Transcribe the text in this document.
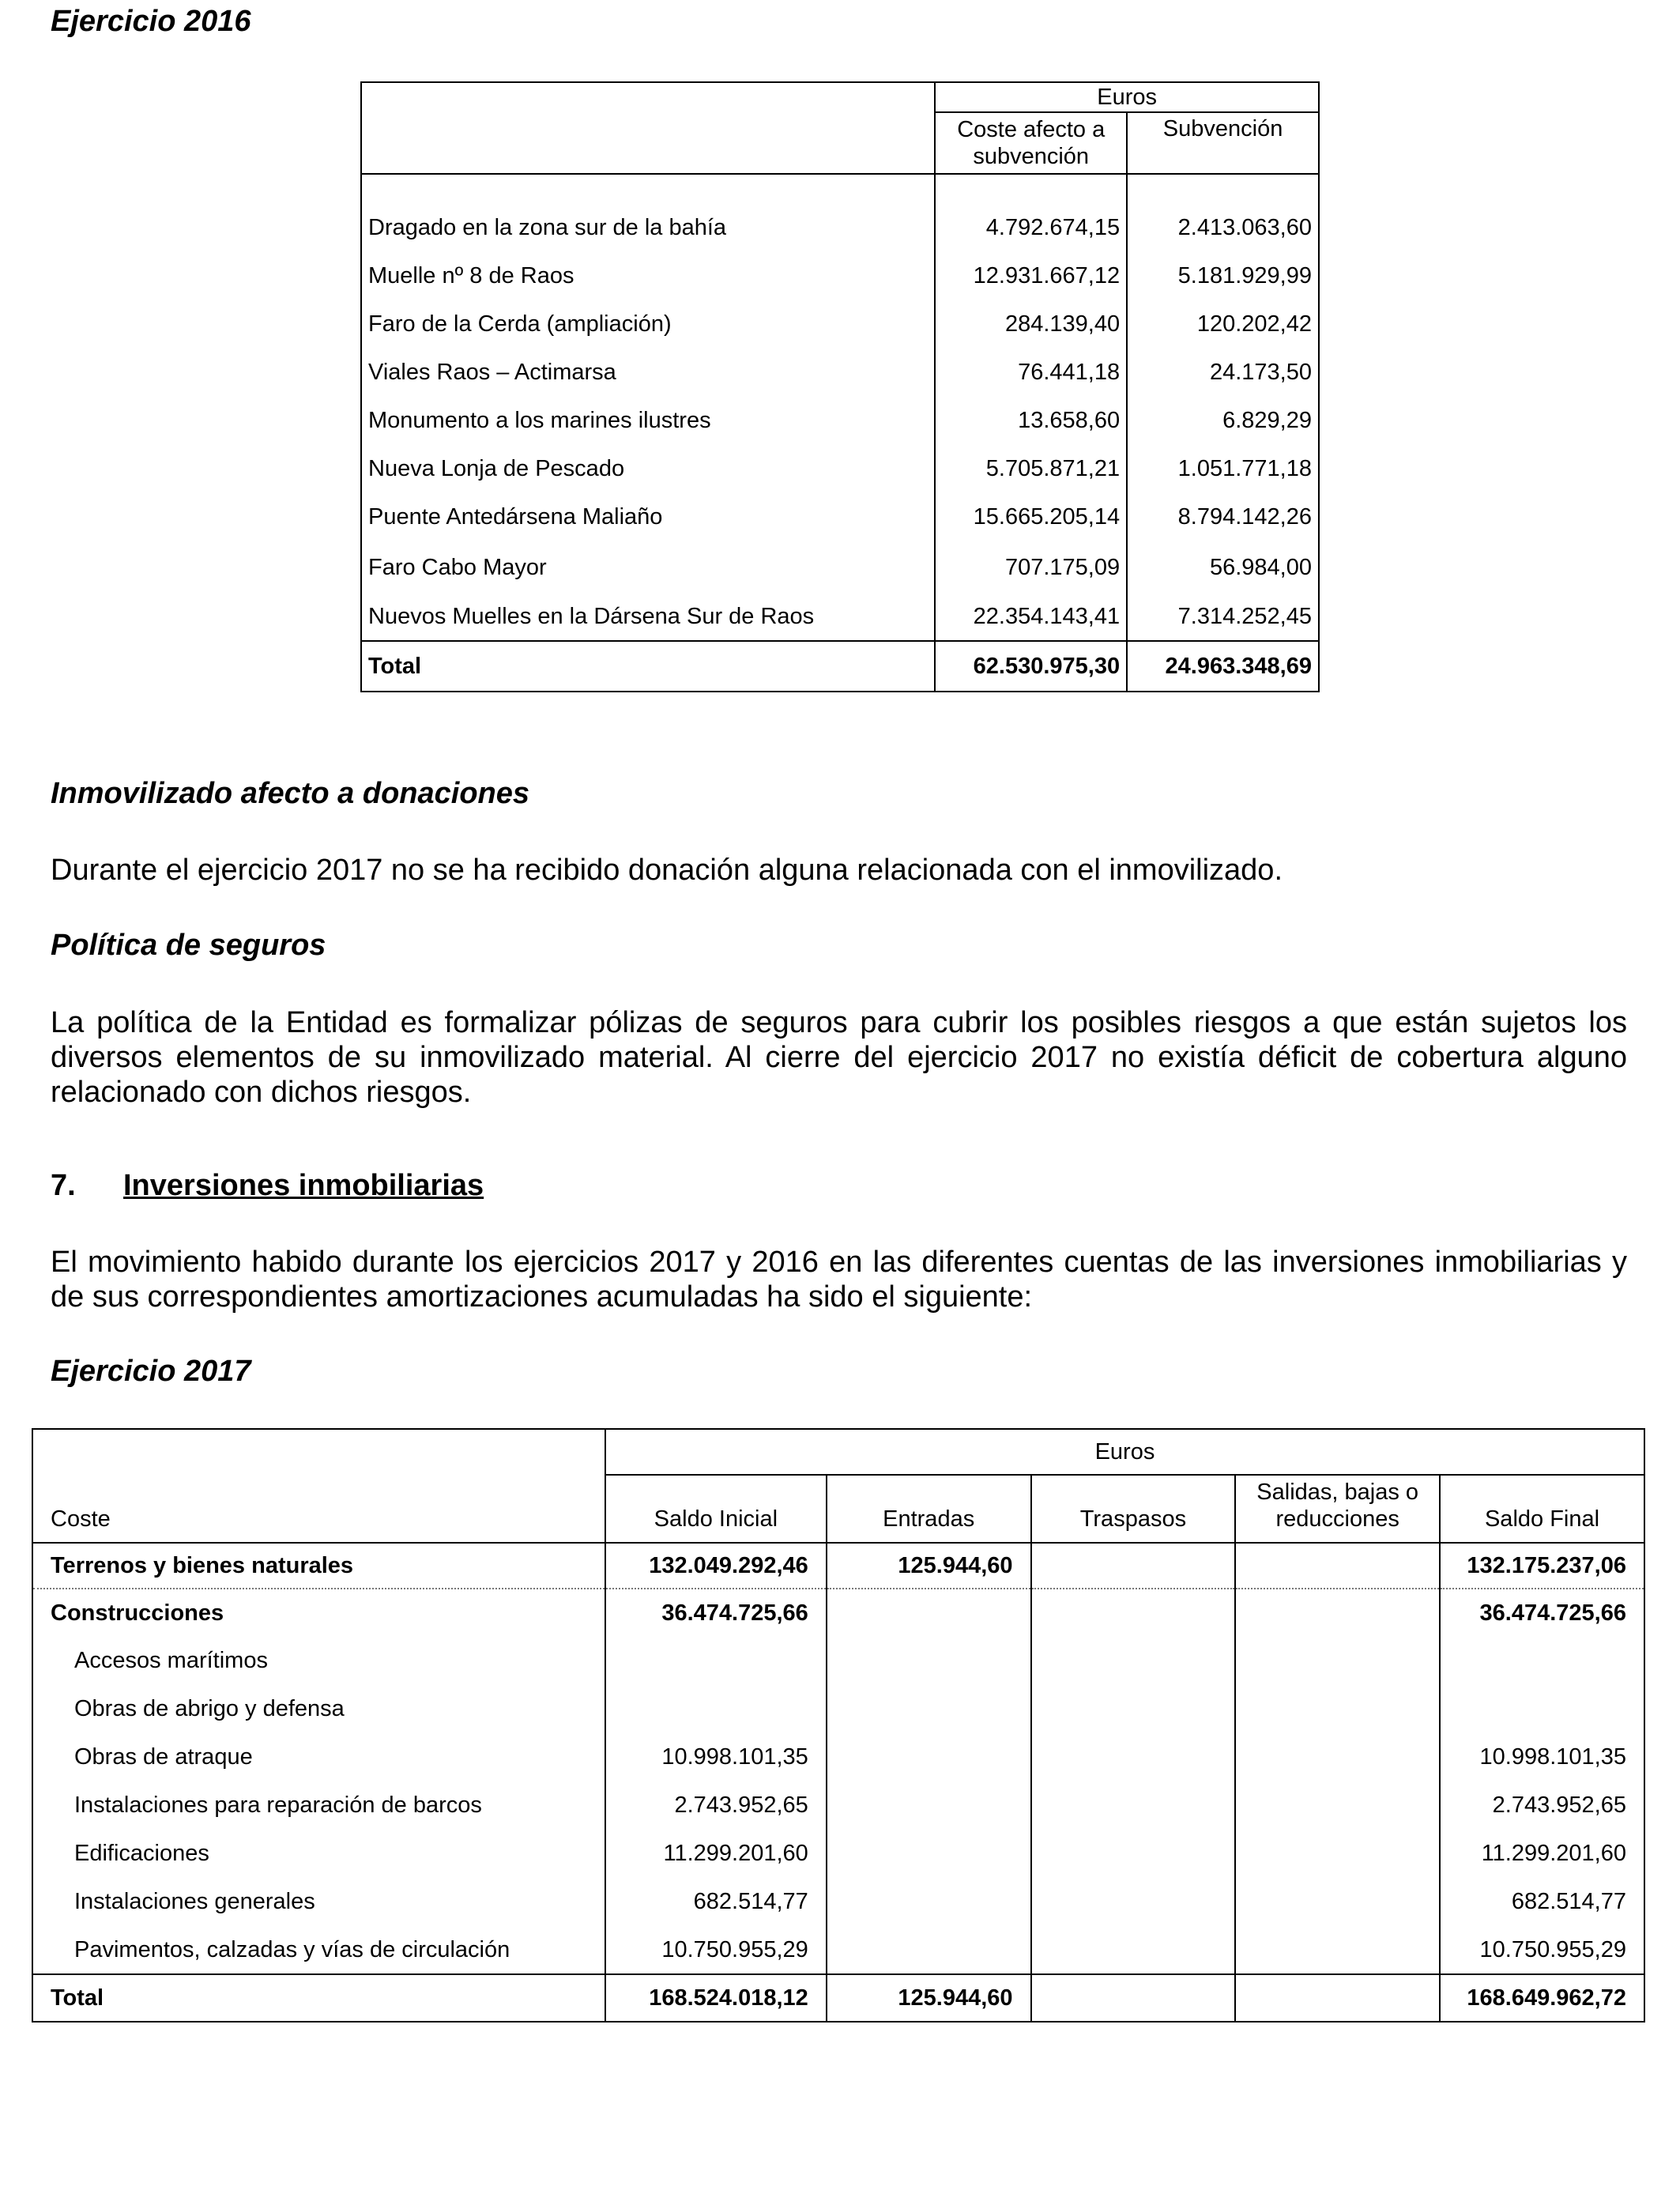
Ejercicio 2016
	Euros	
	Coste afecto a subvención	Subvención

Dragado en la zona sur de la bahía	4.792.674,15	2.413.063,60
Muelle nº 8 de Raos	12.931.667,12	5.181.929,99
Faro de la Cerda (ampliación)	284.139,40	120.202,42
Viales Raos – Actimarsa	76.441,18	24.173,50
Monumento a los marines ilustres	13.658,60	6.829,29
Nueva Lonja de Pescado	5.705.871,21	1.051.771,18
Puente Antedársena Maliaño	15.665.205,14	8.794.142,26
Faro Cabo Mayor	707.175,09	56.984,00
Nuevos Muelles en la Dársena Sur de Raos	22.354.143,41	7.314.252,45
Total	62.530.975,30	24.963.348,69
Inmovilizado afecto a donaciones
Durante el ejercicio 2017 no se ha recibido donación alguna relacionada con el inmovilizado.
Política de seguros
La política de la Entidad es formalizar pólizas de seguros para cubrir los posibles riesgos a que están sujetos los diversos elementos de su inmovilizado material. Al cierre del ejercicio 2017 no existía déficit de cobertura alguno relacionado con dichos riesgos.
7. Inversiones inmobiliarias
El movimiento habido durante los ejercicios 2017 y 2016 en las diferentes cuentas de las inversiones inmobiliarias y de sus correspondientes amortizaciones acumuladas ha sido el siguiente:
Ejercicio 2017
Coste	Euros				
	Saldo Inicial	Entradas	Traspasos	Salidas, bajas o reducciones	Saldo Final
Terrenos y bienes naturales	132.049.292,46	125.944,60			132.175.237,06
Construcciones	36.474.725,66				36.474.725,66
Accesos marítimos					
Obras de abrigo y defensa					
Obras de atraque	10.998.101,35				10.998.101,35
Instalaciones para reparación de barcos	2.743.952,65				2.743.952,65
Edificaciones	11.299.201,60				11.299.201,60
Instalaciones generales	682.514,77				682.514,77
Pavimentos, calzadas y vías de circulación	10.750.955,29				10.750.955,29
Total	168.524.018,12	125.944,60			168.649.962,72
